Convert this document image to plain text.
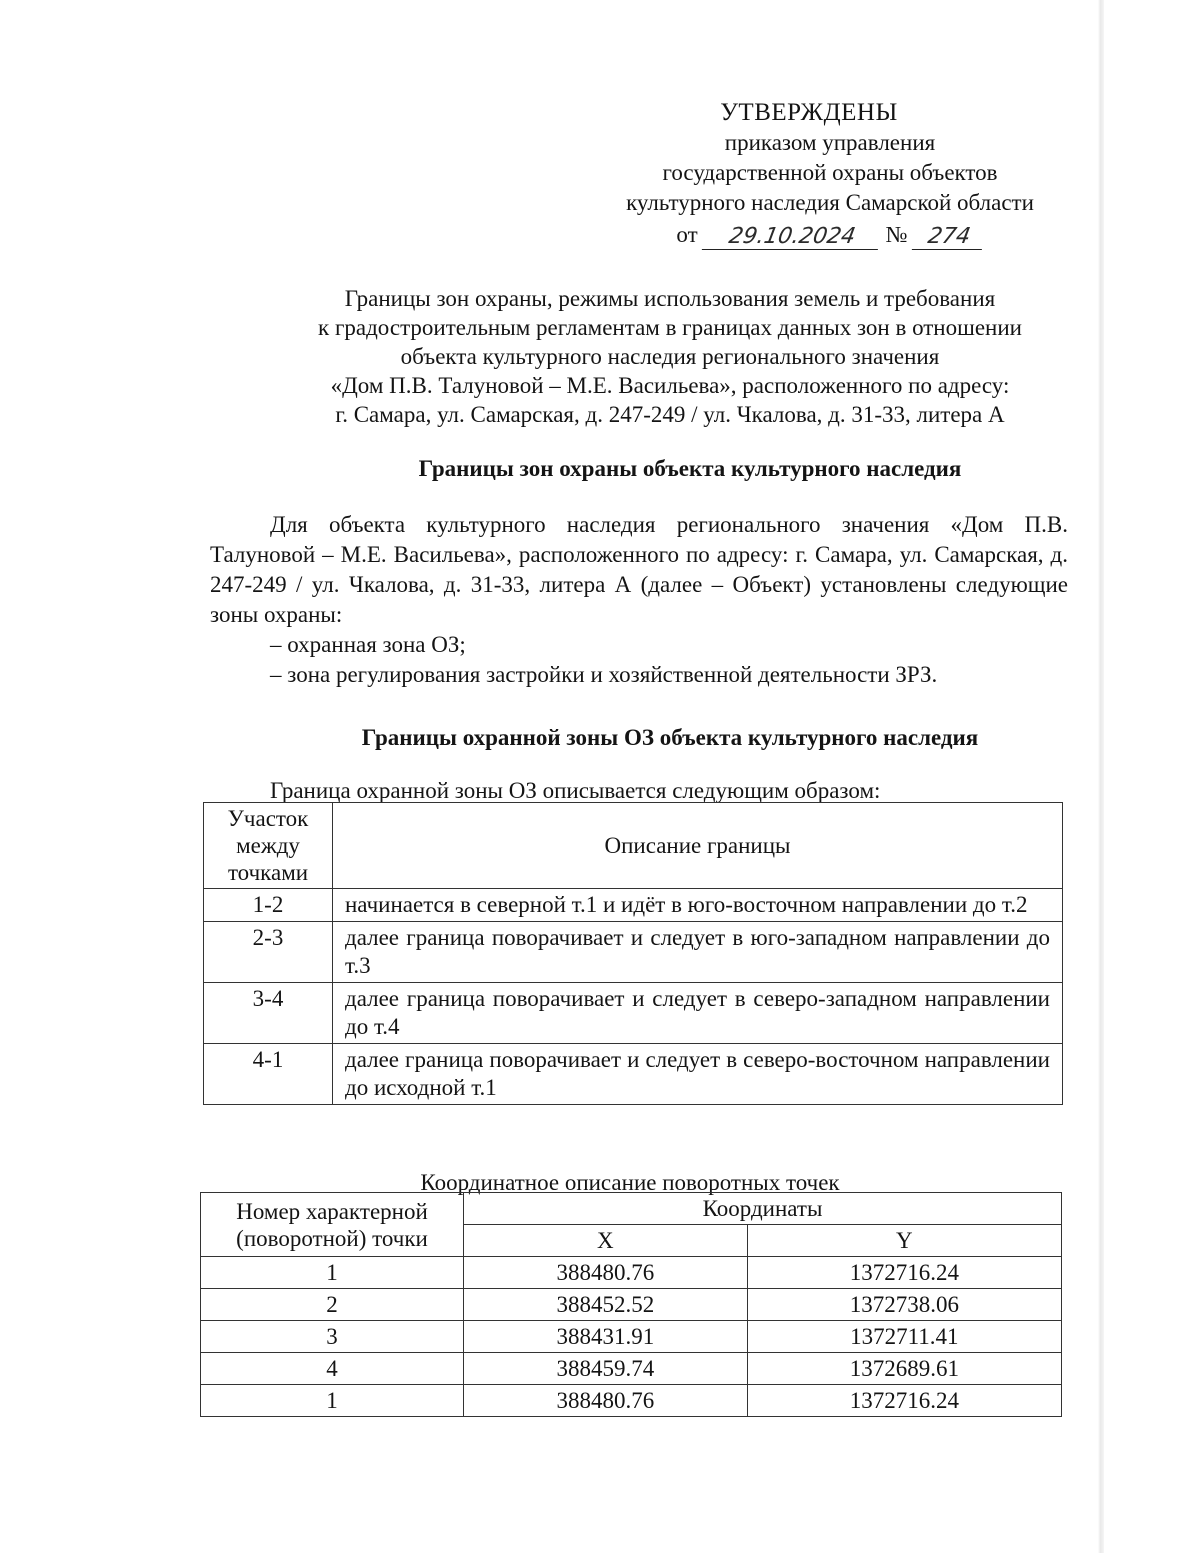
УТВЕРЖДЕНЫ
приказом управления
государственной охраны объектов
культурного наследия Самарской области
от	29.10.2024	№ 274
Границы зон охраны, режимы использования земель и требования
к градостроительным регламентам в границах данных зон в отношении
объекта культурного наследия регионального значения
«Дом П.В. Талуновой – М.Е. Васильева», расположенного по адресу:
г. Самара, ул. Самарская, д. 247-249 / ул. Чкалова, д. 31-33, литера А
Границы зон охраны объекта культурного наследия
Для объекта культурного наследия регионального значения «Дом П.В. Талуновой – М.Е. Васильева», расположенного по адресу: г. Самара, ул. Самарская, д. 247-249 / ул. Чкалова, д. 31-33, литера А (далее – Объект) установлены следующие зоны охраны:
– охранная зона ОЗ;
– зона регулирования застройки и хозяйственной деятельности ЗРЗ.
Границы охранной зоны ОЗ объекта культурного наследия
Граница охранной зоны ОЗ описывается следующим образом:
Участок
между
точками	Описание границы
1-2	начинается в северной т.1 и идёт в юго-восточном направлении до т.2
2-3	далее граница поворачивает и следует в юго-западном направлении до т.3
3-4	далее граница поворачивает и следует в северо-западном направлении до т.4
4-1	далее граница поворачивает и следует в северо-восточном направлении до исходной т.1
Координатное описание поворотных точек
Номер характерной
(поворотной) точки	Координаты	
	X	Y
1	388480.76	1372716.24
2	388452.52	1372738.06
3	388431.91	1372711.41
4	388459.74	1372689.61
1	388480.76	1372716.24
